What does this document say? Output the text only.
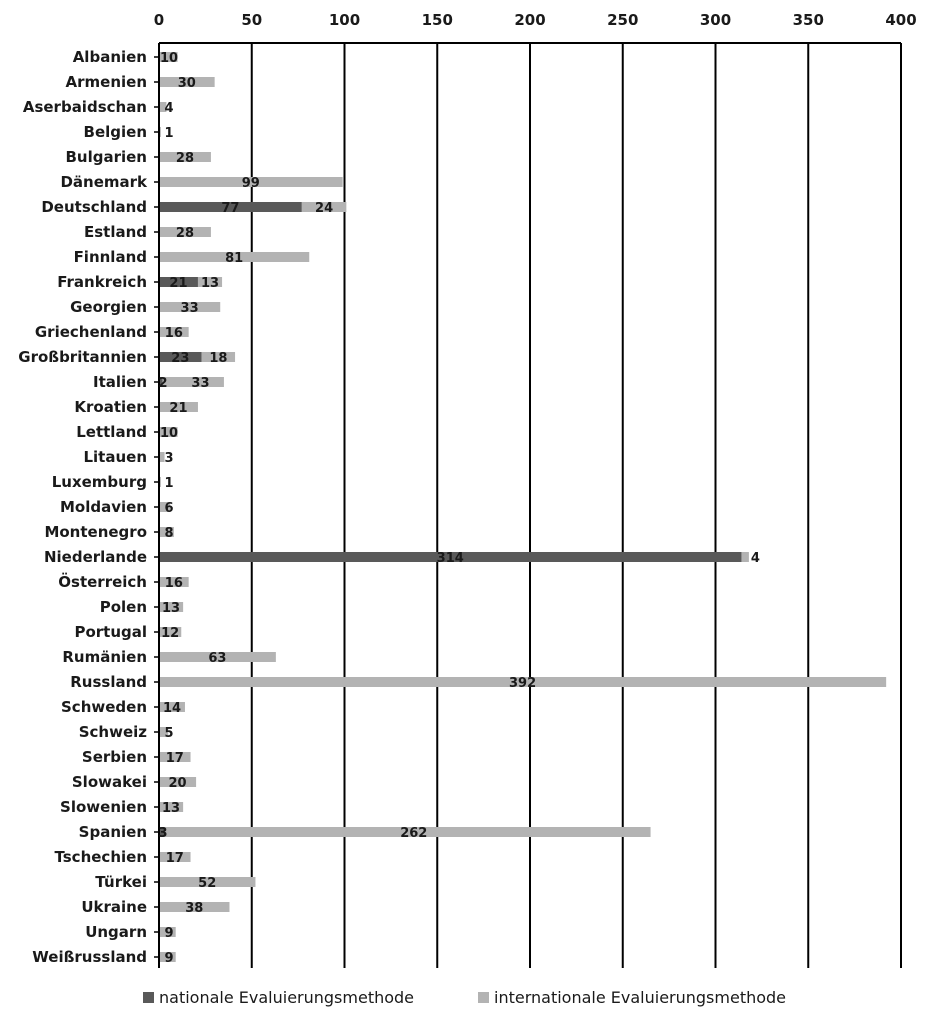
0	50	100	150	200	250	300	350	400
Albanien 10
Armenien 30
Aserbaidschan 4
Belgien 1
Bulgarien 28
Dänemark	99
Deutschland	77	24
Estland 28
Finnland	81
Frankreich 21 13
Georgien	33
Griechenland 16
Großbritannien 23 18
Italien 2 33
Kroatien 21
Lettland 10
Litauen 3
Luxemburg 1
Moldavien 6
Montenegro 8
Niederlande	314	4
Österreich 16
Polen 13
Portugal 12
Rumänien	63
Russland	392
Schweden 14
Schweiz 5
Serbien 17
Slowakei 20
Slowenien 13
Spanien 3	262
Tschechien 17
Türkei	52
Ukraine	38
Ungarn 9
Weißrussland 9
nationale Evaluierungsmethode	internationale Evaluierungsmethode
